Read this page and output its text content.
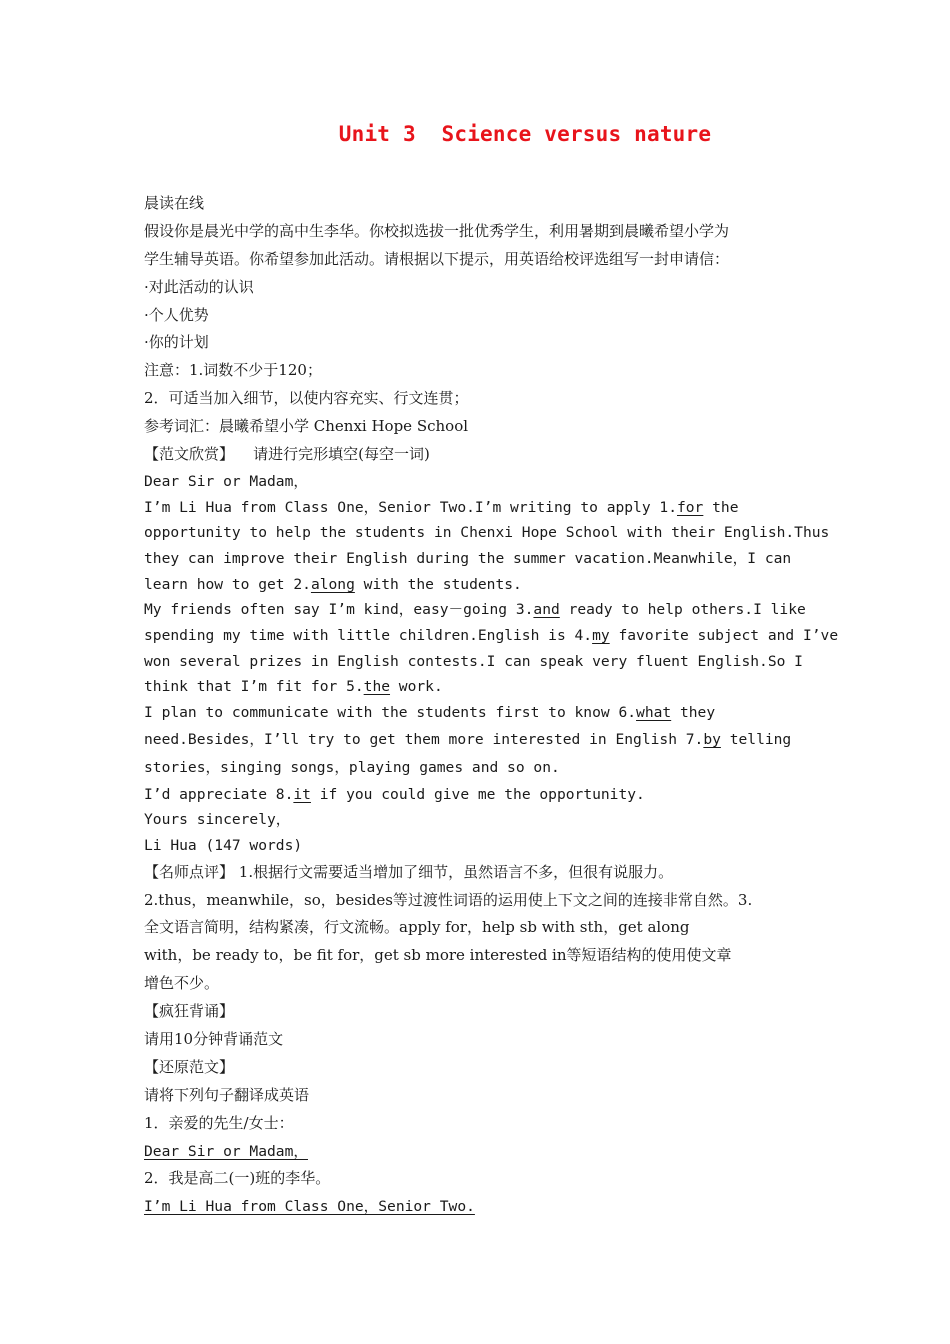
Unit 3  Science versus nature

晨读在线

假设你是晨光中学的高中生李华。你校拟选拔一批优秀学生，利用暑期到晨曦希望小学为

学生辅导英语。你希望参加此活动。请根据以下提示，用英语给校评选组写一封申请信：

·对此活动的认识

·个人优势

·你的计划

注意：1.词数不少于120；

2．可适当加入细节，以使内容充实、行文连贯；

参考词汇：晨曦希望小学 Chenxi Hope School

【范文欣赏】 请进行完形填空(每空一词)

Dear Sir or Madam，

I’m Li Hua from Class One，Senior Two.I’m writing to apply 1.for the

opportunity to help the students in Chenxi Hope School with their English.Thus

they can improve their English during the summer vacation.Meanwhile，I can

learn how to get 2.along with the students.

My friends often say I’m kind，easy－going 3.and ready to help others.I like

spending my time with little children.English is 4.my favorite subject and I’ve

won several prizes in English contests.I can speak very fluent English.So I

think that I’m fit for 5.the work.

I plan to communicate with the students first to know 6.what they

need.Besides，I’ll try to get them more interested in English 7.by telling

stories，singing songs，playing games and so on.

I’d appreciate 8.it if you could give me the opportunity.

Yours sincerely，

Li Hua (147 words)

【名师点评】 1.根据行文需要适当增加了细节，虽然语言不多，但很有说服力。

2.thus，meanwhile，so，besides等过渡性词语的运用使上下文之间的连接非常自然。3.

全文语言简明，结构紧凑，行文流畅。apply for，help sb with sth，get along

with，be ready to，be fit for，get sb more interested in等短语结构的使用使文章

增色不少。

【疯狂背诵】

请用10分钟背诵范文

【还原范文】

请将下列句子翻译成英语

1．亲爱的先生/女士：

Dear Sir or Madam，

2．我是高二(一)班的李华。

I’m Li Hua from Class One，Senior Two.
